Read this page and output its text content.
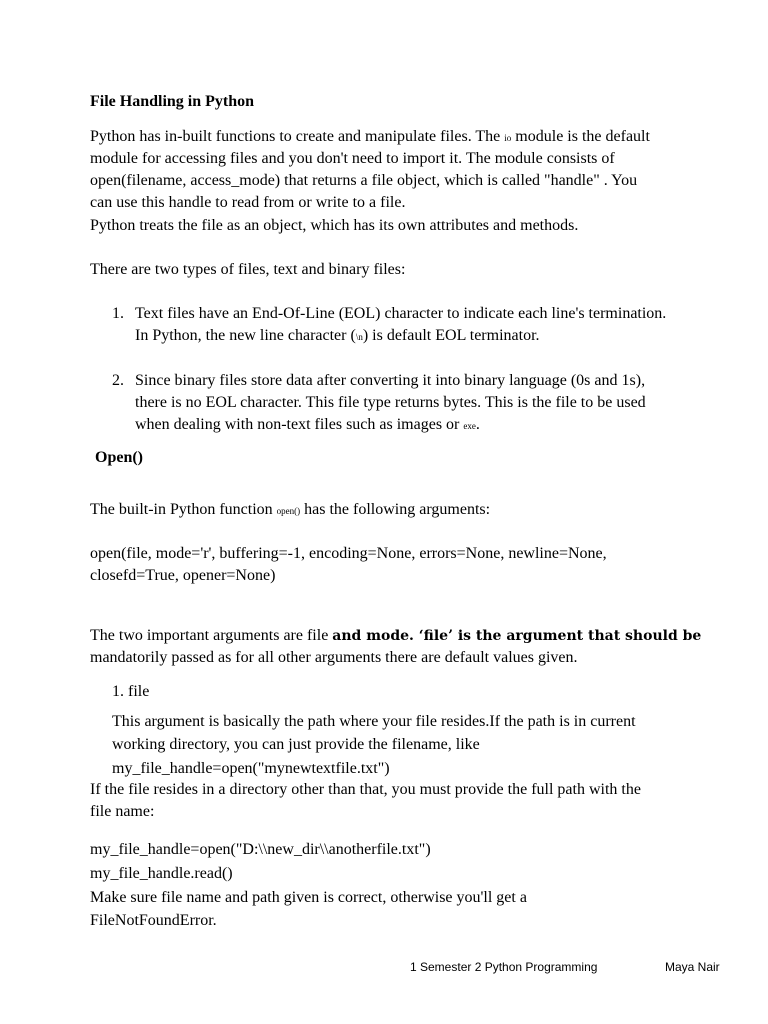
File Handling in Python

Python has in-built functions to create and manipulate files. The io module is the default

module for accessing files and you don't need to import it. The module consists of

open(filename, access_mode) that returns a file object, which is called "handle" . You

can use this handle to read from or write to a file.

Python treats the file as an object, which has its own attributes and methods.

There are two types of files, text and binary files:

1. Text files have an End-Of-Line (EOL) character to indicate each line's termination.
In Python, the new line character (\n) is default EOL terminator.
2. Since binary files store data after converting it into binary language (0s and 1s),
there is no EOL character. This file type returns bytes. This is the file to be used
when dealing with non-text files such as images or exe.
Open()

The built-in Python function open() has the following arguments:

open(file, mode='r', buffering=-1, encoding=None, errors=None, newline=None,

closefd=True, opener=None)

The two important arguments are file and mode. ‘file’ is the argument that should be

mandatorily passed as for all other arguments there are default values given.

1. file

This argument is basically the path where your file resides.If the path is in current

working directory, you can just provide the filename, like

my_file_handle=open("mynewtextfile.txt")

If the file resides in a directory other than that, you must provide the full path with the

file name:

my_file_handle=open("D:\\new_dir\\anotherfile.txt")

my_file_handle.read()

Make sure file name and path given is correct, otherwise you'll get a

FileNotFoundError.

1 Semester 2 Python Programming	Maya Nair
